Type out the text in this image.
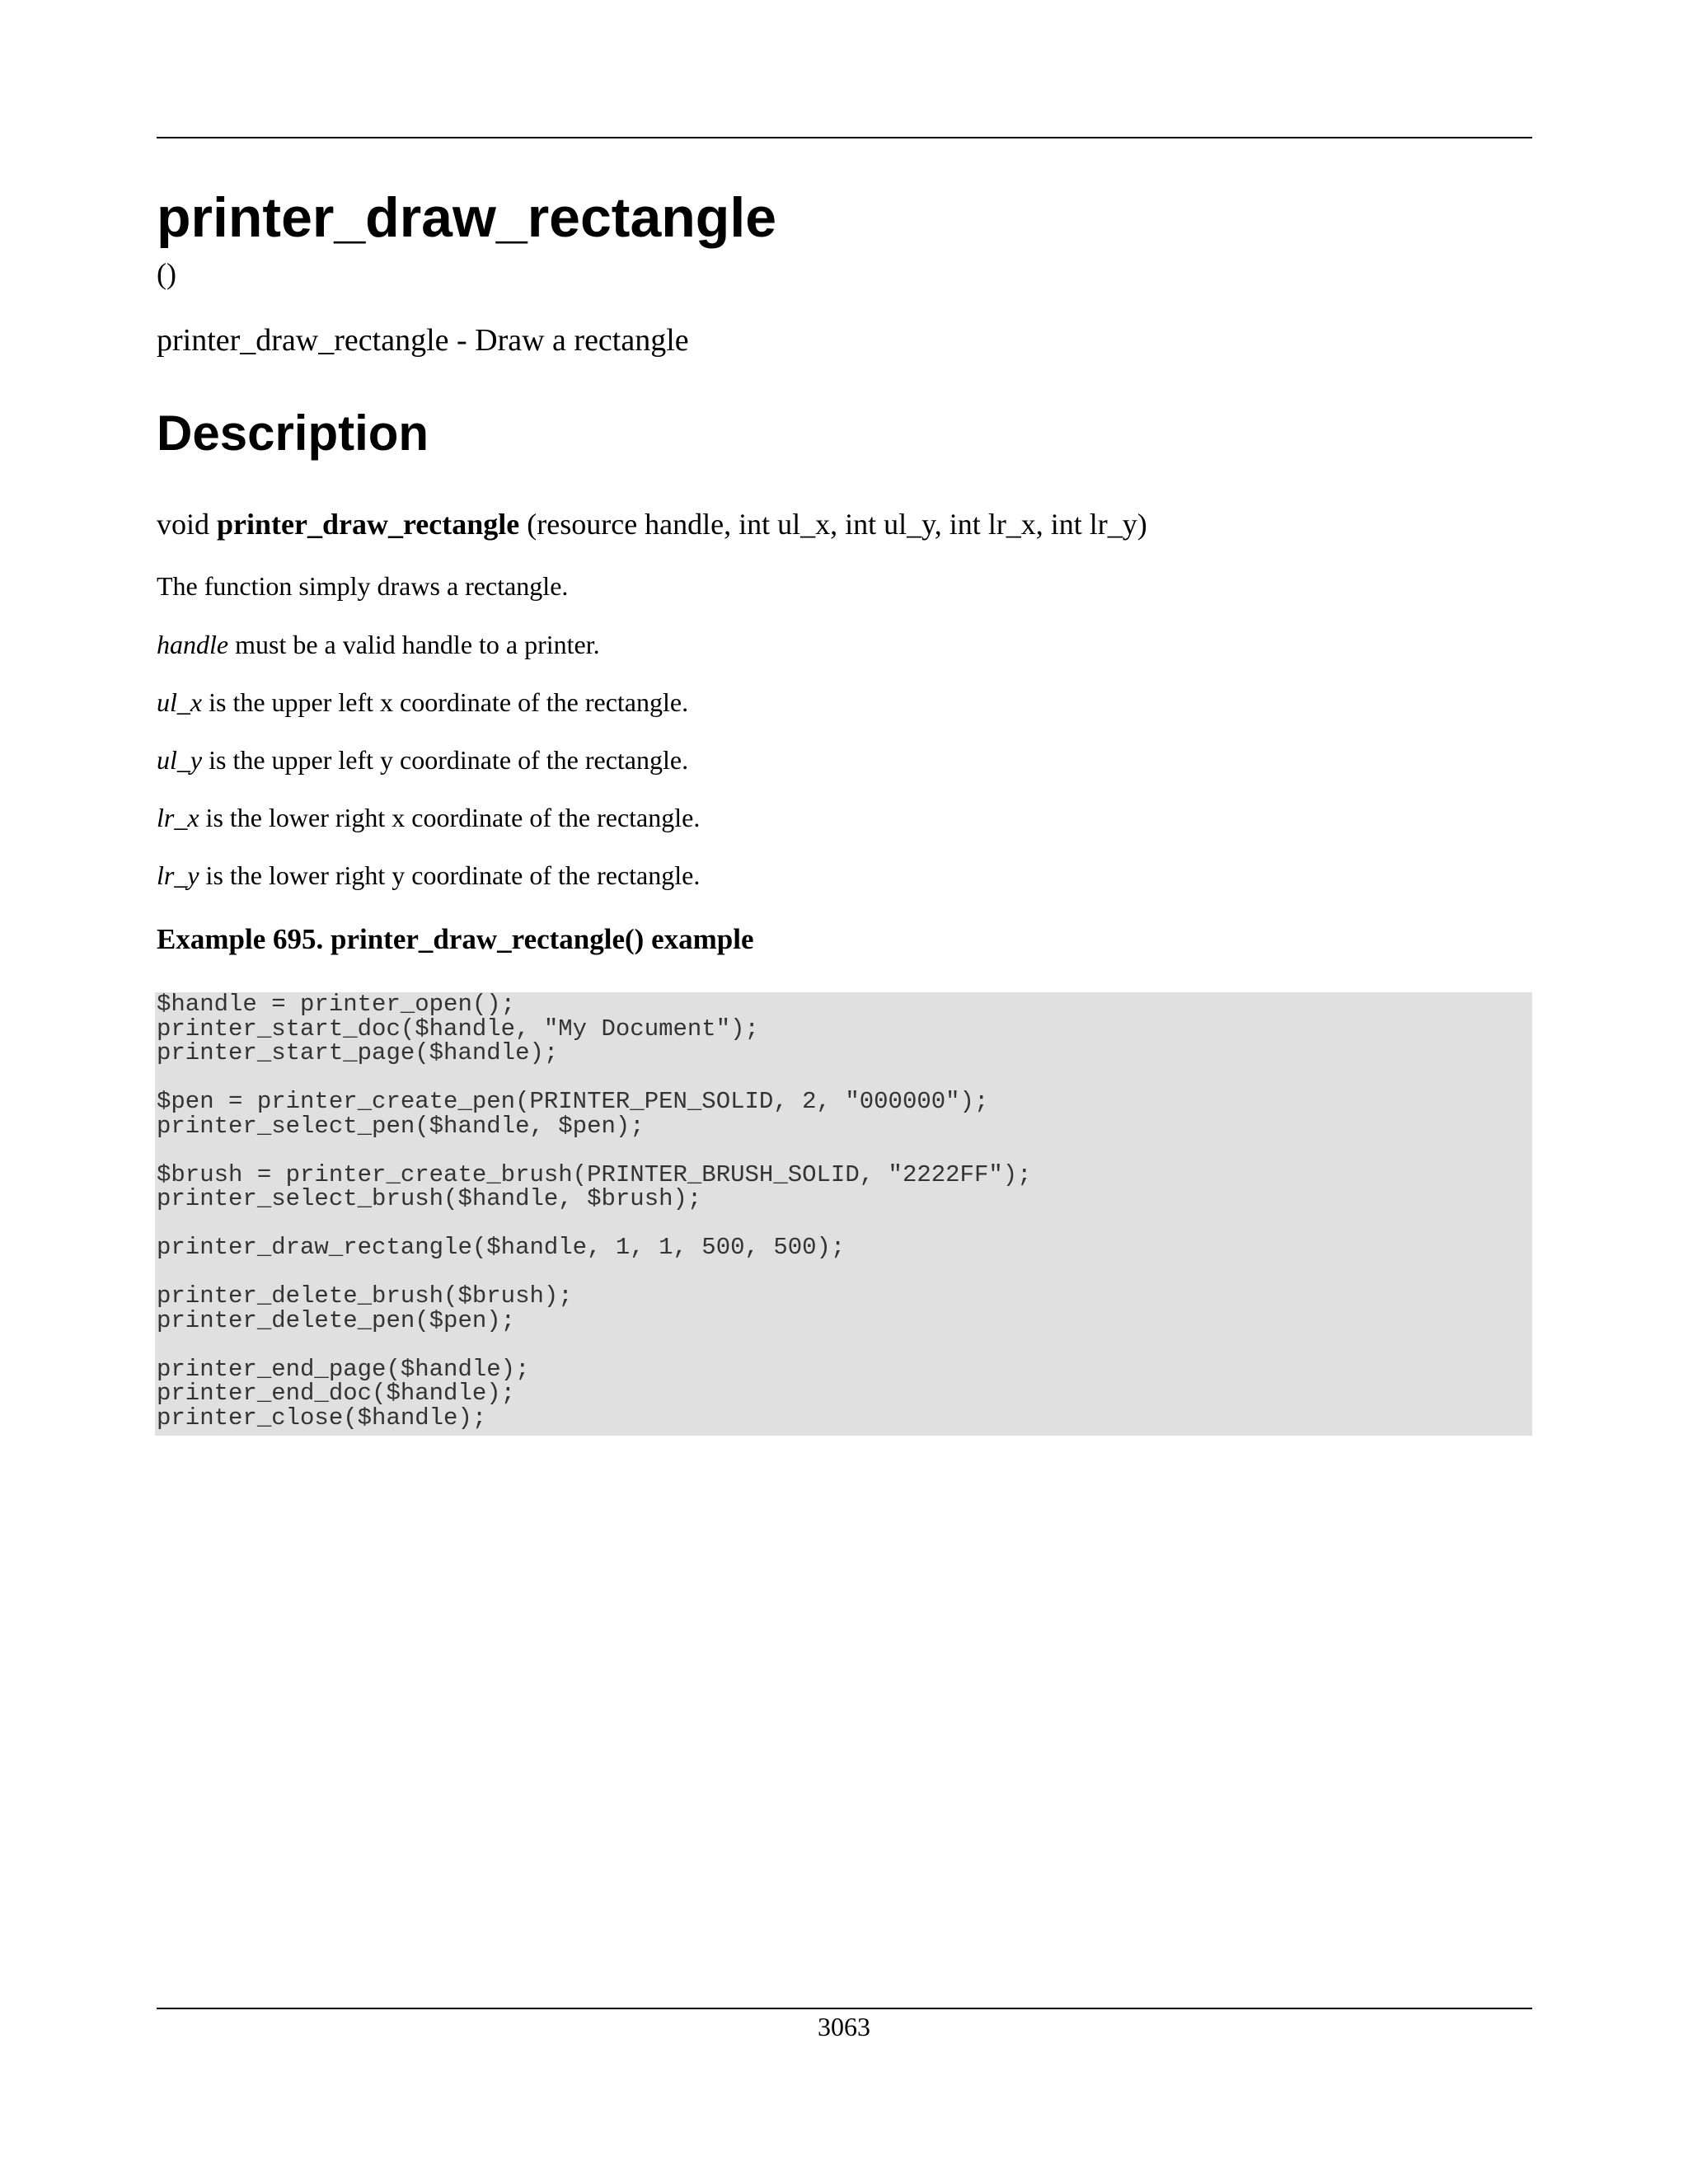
printer_draw_rectangle
()

printer_draw_rectangle - Draw a rectangle

Description

void printer_draw_rectangle (resource handle, int ul_x, int ul_y, int lr_x, int lr_y)

The function simply draws a rectangle.

handle must be a valid handle to a printer.

ul_x is the upper left x coordinate of the rectangle.

ul_y is the upper left y coordinate of the rectangle.

lr_x is the lower right x coordinate of the rectangle.

lr_y is the lower right y coordinate of the rectangle.

Example 695. printer_draw_rectangle() example

$handle = printer_open();
printer_start_doc($handle, "My Document");
printer_start_page($handle);

$pen = printer_create_pen(PRINTER_PEN_SOLID, 2, "000000");
printer_select_pen($handle, $pen);

$brush = printer_create_brush(PRINTER_BRUSH_SOLID, "2222FF");
printer_select_brush($handle, $brush);

printer_draw_rectangle($handle, 1, 1, 500, 500);

printer_delete_brush($brush);
printer_delete_pen($pen);

printer_end_page($handle);
printer_end_doc($handle);
printer_close($handle);

3063
